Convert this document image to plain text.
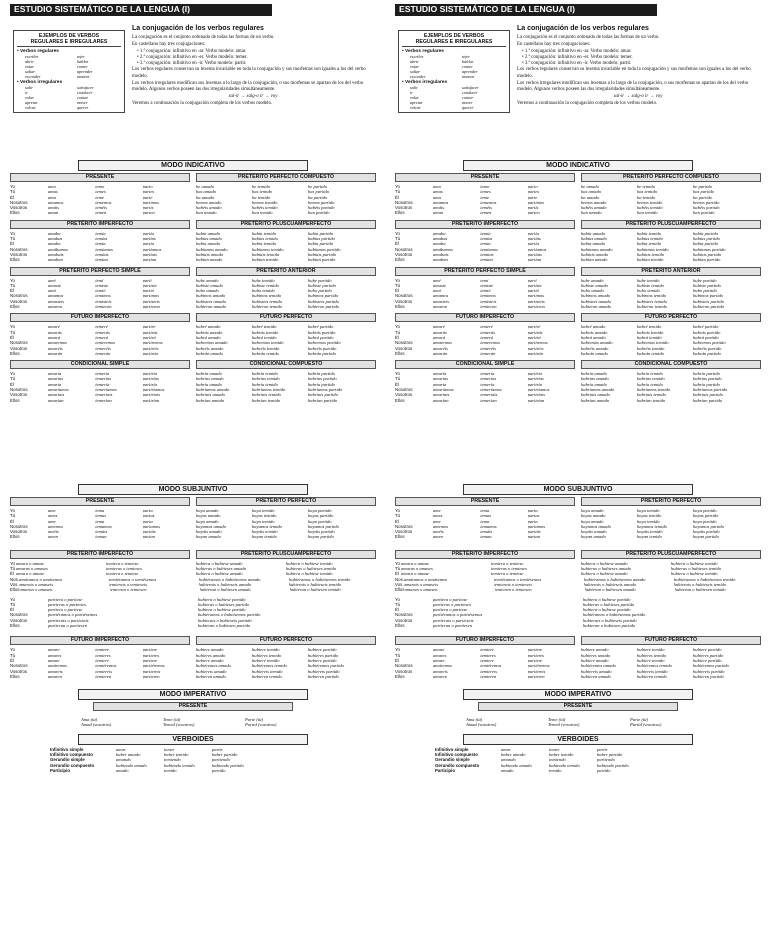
ESTUDIO SISTEMÁTICO DE LA LENGUA (I)
EJEMPLOS DE VERBOS
REGULARES E IRREGULARES
• Verbos regulares
escribir	tejer
abrir	hablar
votar	comer
saltar	aprender
esconder	montar
• Verbos irregulares
salir	satisfacer
ir	conducir
volar	contar
apretar	mover
volcar	querer
La conjugación de los verbos regulares

La conjugación es el conjunto ordenado de todas las formas de un verbo.

En castellano hay tres conjugaciones:

• 1.ª conjugación: infinitivo en -ar. Verbo modelo: amar.
• 2.ª conjugación: infinitivo en -er. Verbo modelo: temer.
• 3.ª conjugación: infinitivo en -ir. Verbo modelo: partir.

Los verbos regulares conservan su lexema invariable en toda la conjugación y sus morfemas son iguales a los del verbo modelo.

Los verbos irregulares modifican sus lexemas a lo largo de la conjugación, o sus morfemas se apartan de los del verbo modelo. Algunos verbos poseen las dos irregularidades simultáneamente.

sal-ir → salg-o ir → voy

Veremos a continuación la conjugación completa de los verbos modelo.

MODO INDICATIVO
PRESENTE
Yo	amo	temo	parto
Tú	amas	temes	partes
Él	ama	teme	parte
Nosotros	amamos	tememos	partimos
Vosotros	amáis	teméis	partís
Ellos	aman	temen	parten
PRETÉRITO PERFECTO COMPUESTO
he amado	he temido	he partido
has amado	has temido	has partido
ha amado	ha temido	ha partido
hemos amado	hemos temido	hemos partido
habéis amado	habéis temido	habéis partido
han amado	han temido	han partido
PRETÉRITO IMPERFECTO
Yo	amaba	temía	partía
Tú	amabas	temías	partías
Él	amaba	temía	partía
Nosotros	amábamos	temíamos	partíamos
Vosotros	amabais	temíais	partíais
Ellos	amaban	temían	partían
PRETÉRITO PLUSCUAMPERFECTO
había amado	había temido	había partido
habías amado	habías temido	habías partido
había amado	había temido	había partido
habíamos amado	habíamos temido	habíamos partido
habíais amado	habíais temido	habíais partido
habían amado	habían temido	habían partido
PRETÉRITO PERFECTO SIMPLE
Yo	amé	temí	partí
Tú	amaste	temiste	partiste
Él	amó	temió	partió
Nosotros	amamos	temimos	partimos
Vosotros	amasteis	temisteis	partisteis
Ellos	amaron	temieron	partieron
PRETÉRITO ANTERIOR
hube amado	hube temido	hube partido
hubiste amado	hubiste temido	hubiste partido
hubo amado	hubo temido	hubo partido
hubimos amado	hubimos temido	hubimos partido
hubisteis amado	hubisteis temido	hubisteis partido
hubieron amado	hubieron temido	hubieron partido
FUTURO IMPERFECTO
Yo	amaré	temeré	partiré
Tú	amarás	temerás	partirás
Él	amará	temerá	partirá
Nosotros	amaremos	temeremos	partiremos
Vosotros	amaréis	temeréis	partiréis
Ellos	amarán	temerán	partirán
FUTURO PERFECTO
habré amado	habré temido	habré partido
habrás amado	habrás temido	habrás partido
habrá amado	habrá temido	habrá partido
habremos amado	habremos temido	habremos partido
habréis amado	habréis temido	habréis partido
habrán amado	habrán temido	habrán partido
CONDICIONAL SIMPLE
Yo	amaría	temería	partiría
Tú	amarías	temerías	partirías
Él	amaría	temería	partiría
Nosotros	amaríamos	temeríamos	partiríamos
Vosotros	amaríais	temeríais	partiríais
Ellos	amarían	temerían	partirían
CONDICIONAL COMPUESTO
habría amado	habría temido	habría partido
habrías amado	habrías temido	habrías partido
habría amado	habría temido	habría partido
habríamos amado	habríamos temido	habríamos partido
habríais amado	habríais temido	habríais partido
habrían amado	habrían temido	habrían partido
MODO SUBJUNTIVO
PRESENTE
Yo	ame	tema	parta
Tú	ames	temas	partas
Él	ame	tema	parta
Nosotros	amemos	temamos	partamos
Vosotros	améis	temáis	partáis
Ellos	amen	teman	partan
PRETÉRITO PERFECTO
haya amado	haya temido	haya partido
hayas amado	hayas temido	hayas partido
haya amado	haya temido	haya partido
hayamos amado	hayamos temido	hayamos partido
hayáis amado	hayáis temido	hayáis partido
hayan amado	hayan temido	hayan partido
PRETÉRITO IMPERFECTO	PRETÉRITO PLUSCUAMPERFECTO
Yo amara o amase	temiera o temiese	hubiera o hubiese amado	hubiera o hubiese temido
Tú amaras o amases	temieras o temieses	hubieras o hubieses amado	hubieras o hubieses temido
Él amara o amase	temiera o temiese	hubiera o hubiese amado	hubiera o hubiese temido
Nos. amáramos o amásemos	temiéramos o temiésemos	hubiéramos o hubiésemos amado	hubiéramos o hubiésemos temido
Vos. amarais o amaseis	temierais o temieseis	hubierais o hubieseis amado	hubierais o hubieseis temido
Ellos amaran o amasen	temieran o temiesen	hubieran o hubiesen amado	hubieran o hubiesen temido
Yo	partiera o partiese	hubiera o hubiese partido
Tú	partieras o partieses	hubieras o hubieses partido
Él	partiera o partiese	hubiera o hubiese partido
Nosotros	partiéramos o partiésemos	hubiéramos o hubiésemos partido
Vosotros	partierais o partieseis	hubierais o hubieseis partido
Ellos	partieran o partiesen	hubieran o hubiesen partido
FUTURO IMPERFECTO
Yo	amare	temiere	partiere
Tú	amares	temieres	partieres
Él	amare	temiere	partiere
Nosotros	amáremos	temiéremos	partiéremos
Vosotros	amareis	temiereis	partiereis
Ellos	amaren	temieren	partieren
FUTURO PERFECTO
hubiere amado	hubiere temido	hubiere partido
hubieres amado	hubieres temido	hubieres partido
hubiere amado	hubiere temido	hubiere partido
hubiéremos amado	hubiéremos temido	hubiéremos partido
hubiereis amado	hubiereis temido	hubiereis partido
hubieren amado	hubieren temido	hubieren partido
MODO IMPERATIVO
PRESENTE
Ama (tú)	Teme (tú)	Parte (tú)
Amad (vosotros)	Temed (vosotros)	Partid (vosotros)
VERBOIDES
Infinitivo simple	amar	temer	partir
Infinitivo compuesto	haber amado	haber temido	haber partido
Gerundio simple	amando	temiendo	partiendo
Gerundio compuesto	habiendo amado	habiendo temido	habiendo partido
Participio	amado	temido	partido
ESTUDIO SISTEMÁTICO DE LA LENGUA (I)
EJEMPLOS DE VERBOS
REGULARES E IRREGULARES
• Verbos regulares
escribir	tejer
abrir	hablar
votar	comer
saltar	aprender
esconder	montar
• Verbos irregulares
salir	satisfacer
ir	conducir
volar	contar
apretar	mover
volcar	querer
La conjugación de los verbos regulares

La conjugación es el conjunto ordenado de todas las formas de un verbo.

En castellano hay tres conjugaciones:

• 1.ª conjugación: infinitivo en -ar. Verbo modelo: amar.
• 2.ª conjugación: infinitivo en -er. Verbo modelo: temer.
• 3.ª conjugación: infinitivo en -ir. Verbo modelo: partir.

Los verbos regulares conservan su lexema invariable en toda la conjugación y sus morfemas son iguales a los del verbo modelo.

Los verbos irregulares modifican sus lexemas a lo largo de la conjugación, o sus morfemas se apartan de los del verbo modelo. Algunos verbos poseen las dos irregularidades simultáneamente.

sal-ir → salg-o ir → voy

Veremos a continuación la conjugación completa de los verbos modelo.

MODO INDICATIVO
PRESENTE
Yo	amo	temo	parto
Tú	amas	temes	partes
Él	ama	teme	parte
Nosotros	amamos	tememos	partimos
Vosotros	amáis	teméis	partís
Ellos	aman	temen	parten
PRETÉRITO PERFECTO COMPUESTO
he amado	he temido	he partido
has amado	has temido	has partido
ha amado	ha temido	ha partido
hemos amado	hemos temido	hemos partido
habéis amado	habéis temido	habéis partido
han amado	han temido	han partido
PRETÉRITO IMPERFECTO
Yo	amaba	temía	partía
Tú	amabas	temías	partías
Él	amaba	temía	partía
Nosotros	amábamos	temíamos	partíamos
Vosotros	amabais	temíais	partíais
Ellos	amaban	temían	partían
PRETÉRITO PLUSCUAMPERFECTO
había amado	había temido	había partido
habías amado	habías temido	habías partido
había amado	había temido	había partido
habíamos amado	habíamos temido	habíamos partido
habíais amado	habíais temido	habíais partido
habían amado	habían temido	habían partido
PRETÉRITO PERFECTO SIMPLE
Yo	amé	temí	partí
Tú	amaste	temiste	partiste
Él	amó	temió	partió
Nosotros	amamos	temimos	partimos
Vosotros	amasteis	temisteis	partisteis
Ellos	amaron	temieron	partieron
PRETÉRITO ANTERIOR
hube amado	hube temido	hube partido
hubiste amado	hubiste temido	hubiste partido
hubo amado	hubo temido	hubo partido
hubimos amado	hubimos temido	hubimos partido
hubisteis amado	hubisteis temido	hubisteis partido
hubieron amado	hubieron temido	hubieron partido
FUTURO IMPERFECTO
Yo	amaré	temeré	partiré
Tú	amarás	temerás	partirás
Él	amará	temerá	partirá
Nosotros	amaremos	temeremos	partiremos
Vosotros	amaréis	temeréis	partiréis
Ellos	amarán	temerán	partirán
FUTURO PERFECTO
habré amado	habré temido	habré partido
habrás amado	habrás temido	habrás partido
habrá amado	habrá temido	habrá partido
habremos amado	habremos temido	habremos partido
habréis amado	habréis temido	habréis partido
habrán amado	habrán temido	habrán partido
CONDICIONAL SIMPLE
Yo	amaría	temería	partiría
Tú	amarías	temerías	partirías
Él	amaría	temería	partiría
Nosotros	amaríamos	temeríamos	partiríamos
Vosotros	amaríais	temeríais	partiríais
Ellos	amarían	temerían	partirían
CONDICIONAL COMPUESTO
habría amado	habría temido	habría partido
habrías amado	habrías temido	habrías partido
habría amado	habría temido	habría partido
habríamos amado	habríamos temido	habríamos partido
habríais amado	habríais temido	habríais partido
habrían amado	habrían temido	habrían partido
MODO SUBJUNTIVO
PRESENTE
Yo	ame	tema	parta
Tú	ames	temas	partas
Él	ame	tema	parta
Nosotros	amemos	temamos	partamos
Vosotros	améis	temáis	partáis
Ellos	amen	teman	partan
PRETÉRITO PERFECTO
haya amado	haya temido	haya partido
hayas amado	hayas temido	hayas partido
haya amado	haya temido	haya partido
hayamos amado	hayamos temido	hayamos partido
hayáis amado	hayáis temido	hayáis partido
hayan amado	hayan temido	hayan partido
PRETÉRITO IMPERFECTO	PRETÉRITO PLUSCUAMPERFECTO
Yo amara o amase	temiera o temiese	hubiera o hubiese amado	hubiera o hubiese temido
Tú amaras o amases	temieras o temieses	hubieras o hubieses amado	hubieras o hubieses temido
Él amara o amase	temiera o temiese	hubiera o hubiese amado	hubiera o hubiese temido
Nos. amáramos o amásemos	temiéramos o temiésemos	hubiéramos o hubiésemos amado	hubiéramos o hubiésemos temido
Vos. amarais o amaseis	temierais o temieseis	hubierais o hubieseis amado	hubierais o hubieseis temido
Ellos amaran o amasen	temieran o temiesen	hubieran o hubiesen amado	hubieran o hubiesen temido
Yo	partiera o partiese	hubiera o hubiese partido
Tú	partieras o partieses	hubieras o hubieses partido
Él	partiera o partiese	hubiera o hubiese partido
Nosotros	partiéramos o partiésemos	hubiéramos o hubiésemos partido
Vosotros	partierais o partieseis	hubierais o hubieseis partido
Ellos	partieran o partiesen	hubieran o hubiesen partido
FUTURO IMPERFECTO
Yo	amare	temiere	partiere
Tú	amares	temieres	partieres
Él	amare	temiere	partiere
Nosotros	amáremos	temiéremos	partiéremos
Vosotros	amareis	temiereis	partiereis
Ellos	amaren	temieren	partieren
FUTURO PERFECTO
hubiere amado	hubiere temido	hubiere partido
hubieres amado	hubieres temido	hubieres partido
hubiere amado	hubiere temido	hubiere partido
hubiéremos amado	hubiéremos temido	hubiéremos partido
hubiereis amado	hubiereis temido	hubiereis partido
hubieren amado	hubieren temido	hubieren partido
MODO IMPERATIVO
PRESENTE
Ama (tú)	Teme (tú)	Parte (tú)
Amad (vosotros)	Temed (vosotros)	Partid (vosotros)
VERBOIDES
Infinitivo simple	amar	temer	partir
Infinitivo compuesto	haber amado	haber temido	haber partido
Gerundio simple	amando	temiendo	partiendo
Gerundio compuesto	habiendo amado	habiendo temido	habiendo partido
Participio	amado	temido	partido
